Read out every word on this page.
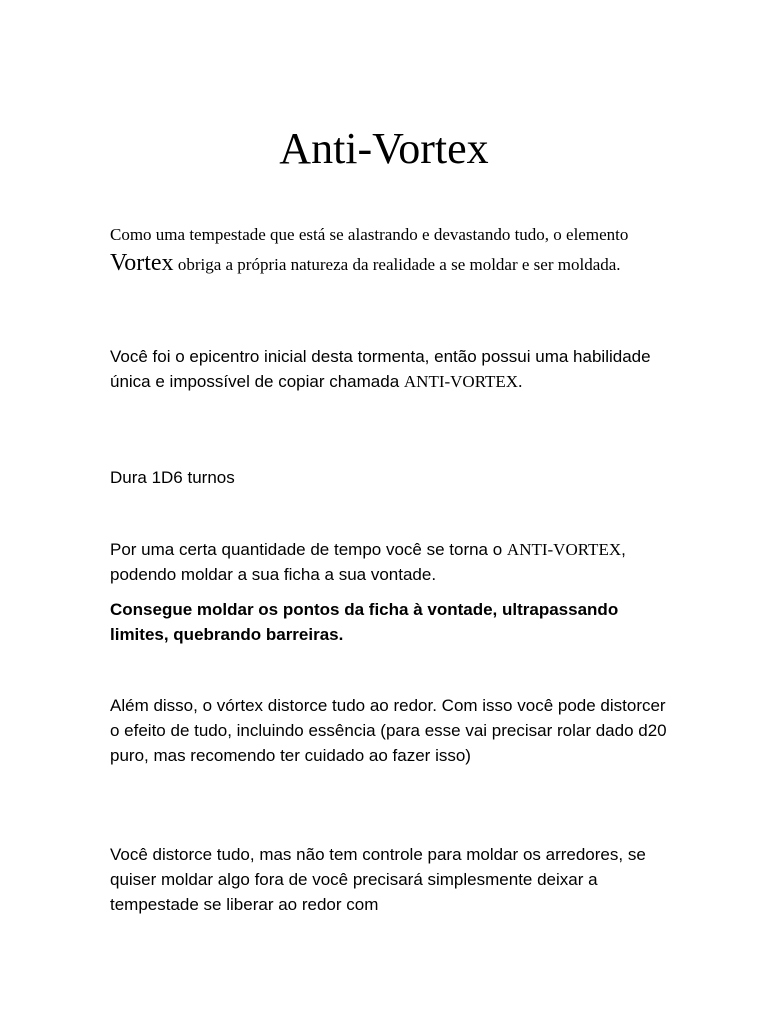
Anti-Vortex

Como uma tempestade que está se alastrando e devastando tudo, o elemento Vortex obriga a própria natureza da realidade a se moldar e ser moldada.

Você foi o epicentro inicial desta tormenta, então possui uma habilidade única e impossível de copiar chamada ANTI-VORTEX.

Dura 1D6 turnos

Por uma certa quantidade de tempo você se torna o ANTI-VORTEX, podendo moldar a sua ficha a sua vontade.

Consegue moldar os pontos da ficha à vontade, ultrapassando limites, quebrando barreiras.

Além disso, o vórtex distorce tudo ao redor. Com isso você pode distorcer o efeito de tudo, incluindo essência (para esse vai precisar rolar dado d20 puro, mas recomendo ter cuidado ao fazer isso)

Você distorce tudo, mas não tem controle para moldar os arredores, se quiser moldar algo fora de você precisará simplesmente deixar a tempestade se liberar ao redor com
